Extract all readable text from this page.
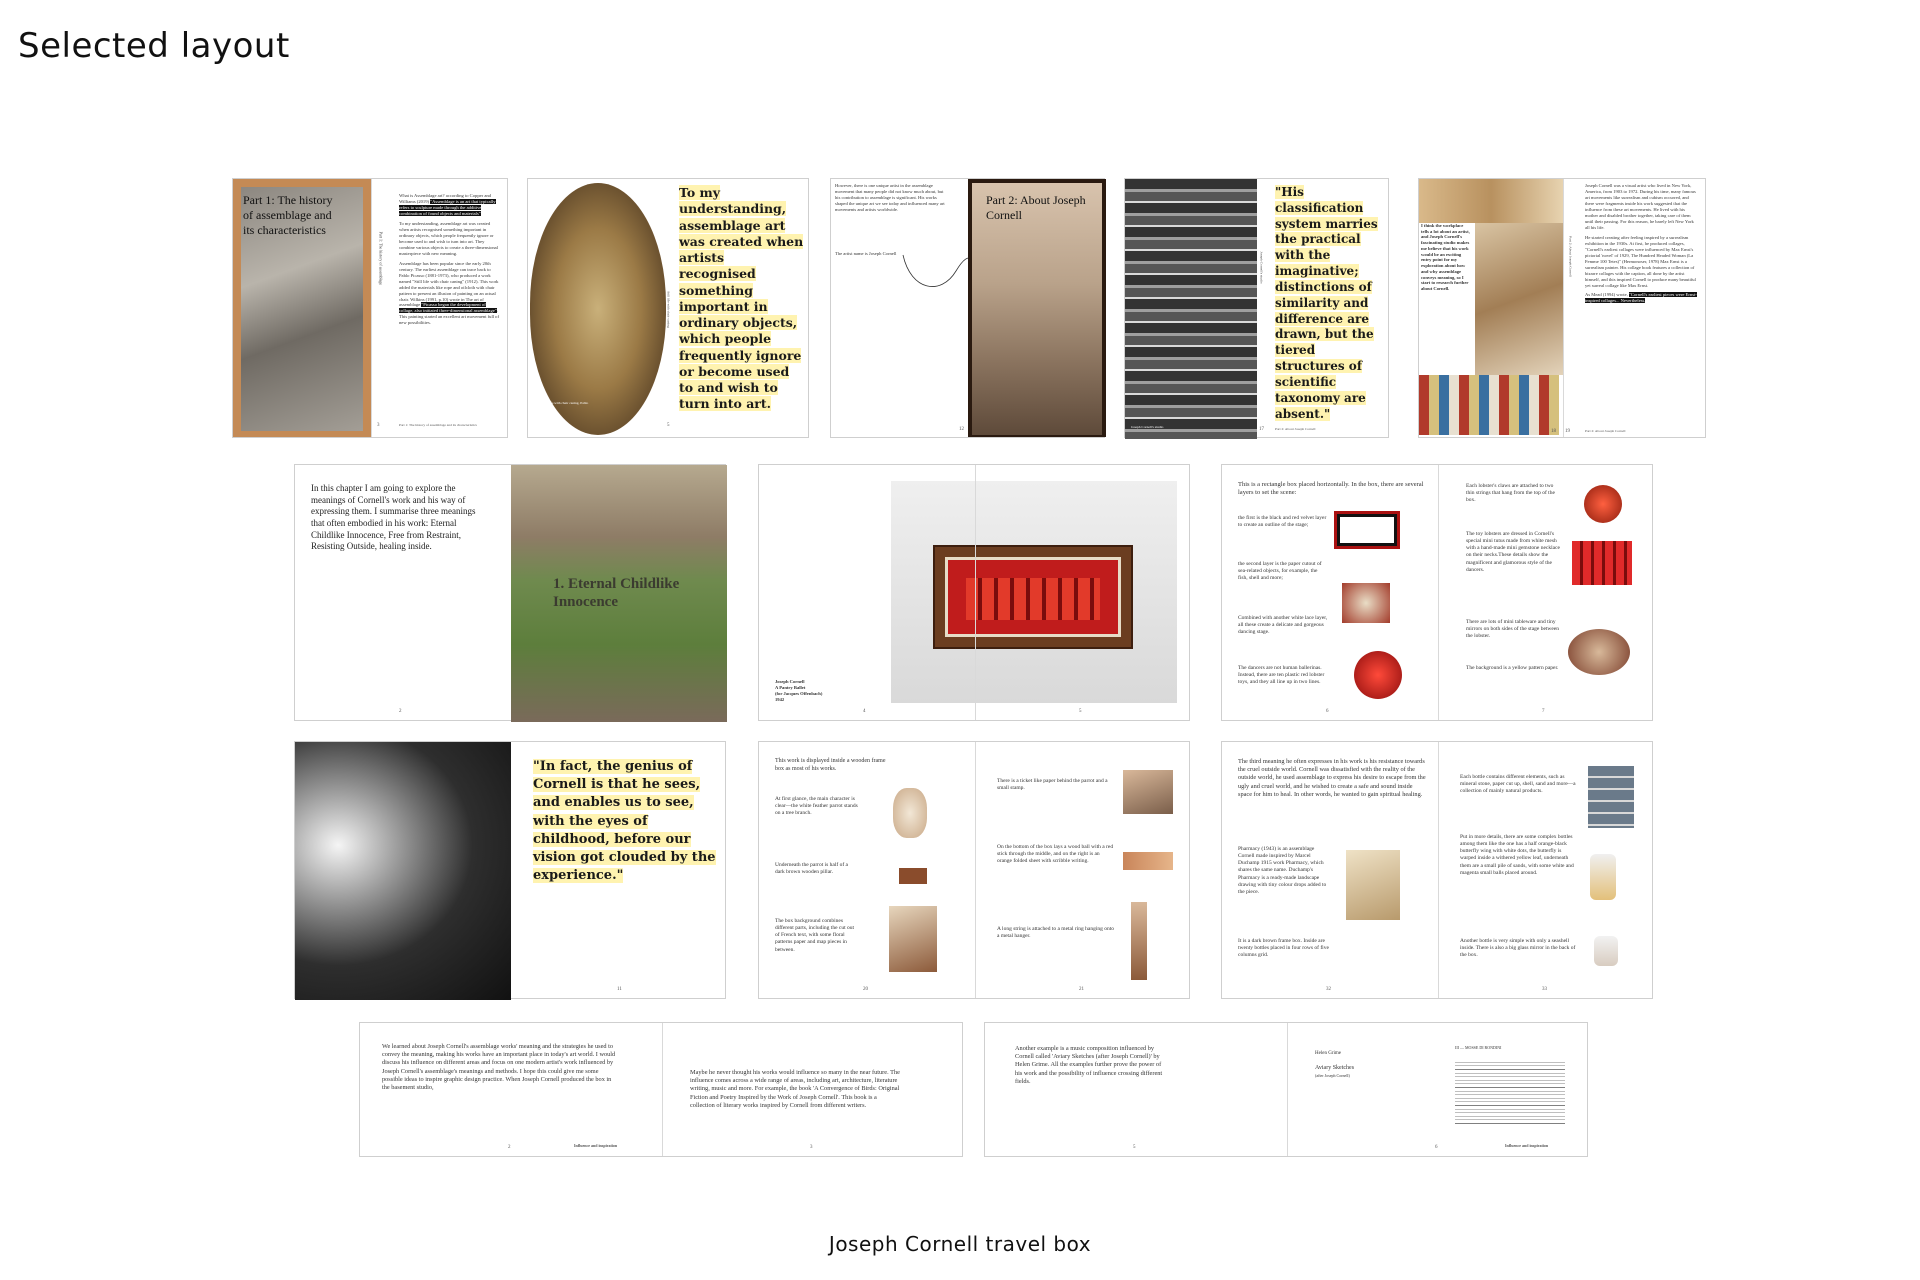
Selected layout
Part 1: The history of assemblage and its characteristics
Part 1: The history of assemblage
What is Assemblage art? according to Copper and Williams (2019) "Assemblage is an art that typically refers to sculpture made through the additive combination of found objects and materials"

To my understanding, assemblage art was created when artists recognised something important in ordinary objects, which people frequently ignore or become used to and wish to turn into art. They combine various objects to create a three-dimensional masterpiece with new meaning.

Assemblage has been popular since the early 20th century. The earliest assemblage can trace back to Pablo Picasso (1881-1973), who produced a work named "Still life with chair caning" (1912). This work added the materials like rope and oilcloth with chair pattern to present an illusion of painting on an actual chair. Wilkins (1991, p.10) wrote in The art of assemblage "Picasso began the development of collage, also initiated three-dimensional assemblage". This painting started an excellent art movement full of new possibilities.

3	Part 1: The history of assemblage and its characteristics
Still life with chair caning, Pablo Picasso
Still life with chair caning
To my understanding, assemblage art was created when artists recognised something important in ordinary objects, which people frequently ignore or become used to and wish to turn into art.
5
However, there is one unique artist in the assemblage movement that many people did not know much about, but his contribution to assemblage is significant. His works shaped the unique art we see today and influenced many art movements and artists worldwide.
The artist name is Joseph Cornell
12
Part 2: About Joseph Cornell
Joseph Cornell's studio
Joseph Cornell's studio
"His classification system marries the practical with the imaginative; distinctions of similarity and difference are drawn, but the tiered structures of scientific taxonomy are absent."
17	Part 2: About Joseph Cornell
I think the workplace tells a lot about an artist, and Joseph Cornell's fascinating studio makes me believe that his work would be an exciting entry point for my exploration about how and why assemblage conveys meaning, so I start to research further about Cornell.
Part 2: About Joseph Cornell

Joseph Cornell was a visual artist who lived in New York, America, from 1903 to 1972. During his time, many famous art movements like surrealism and cubism occurred, and there were fragments inside his work suggested that the influence from these art movements. He lived with his mother and disabled brother together, taking care of them until their passing. For this reason, he barely left New York all his life.

He started creating after feeling inspired by a surrealism exhibition in the 1930s. At first, he produced collages, "Cornell's earliest collages were influenced by Max Ernst's pictorial 'novel' of 1929, The Hundred Headed Woman (La Femme 100 Tetes)" (Hermonoser, 1978) Max Ernst is a surrealism painter. His collage book features a collection of bizarre collages with the caption, all done by the artist himself, and this inspired Cornell to produce many beautiful yet surreal collage like Max Ernst.

As Mead (1994) wrote, "Cornell's earliest pieces were Ernst-inspired collages... Nevertheless,

18 19	Part 2: About Joseph Cornell
In this chapter I am going to explore the meanings of Cornell's work and his way of expressing them. I summarise three meanings that often embodied in his work: Eternal Childlike Innocence, Free from Restraint, Resisting Outside, healing inside.
2
1. Eternal Childlike Innocence
Joseph Cornell
A Pantry Ballet
(for Jacques Offenbach)
1942
4	5
This is a rectangle box placed horizontally. In the box, there are several layers to set the scene:
the first is the black and red velvet layer to create an outline of the stage;
the second layer is the paper cutout of sea-related objects, for example, the fish, shell and more;
Combined with another white lace layer, all these create a delicate and gorgeous dancing stage.
The dancers are not human ballerinas. Instead, there are ten plastic red lobster toys, and they all line up in two lines.
6
Each lobster's claws are attached to two thin strings that hang from the top of the box.
The toy lobsters are dressed in Cornell's special mini tutus made from white mesh with a hand-made mini gemstone necklace on their necks.These details show the magnificent and glamorous style of the dancers.
There are lots of mini tableware and tiny mirrors on both sides of the stage between the lobster.
The background is a yellow pattern paper.
7
"In fact, the genius of Cornell is that he sees, and enables us to see, with the eyes of childhood, before our vision got clouded by the experience."
11
This work is displayed inside a wooden frame box as most of his works.
At first glance, the main character is clear—the white feather parrot stands on a tree branch.
Underneath the parrot is half of a dark brown wooden pillar.
The box background combines different parts, including the cut out of French text, with some floral patterns paper and map pieces in between.
20
There is a ticket like paper behind the parrot and a small stamp.
On the bottom of the box lays a wood ball with a red stick through the middle, and on the right is an orange folded sheet with scribble writing.
A long string is attached to a metal ring hanging onto a metal hanger.
21
The third meaning he often expresses in his work is his resistance towards the cruel outside world. Cornell was dissatisfied with the reality of the outside world, he used assemblage to express his desire to escape from the ugly and cruel world, and he wished to create a safe and sound inside space for him to heal. In other words, he wanted to gain spiritual healing.
Pharmacy (1943) is an assemblage Cornell made inspired by Marcel Duchamp 1915 work Pharmacy, which shares the same name. Duchamp's Pharmacy is a ready-made landscape drawing with tiny colour drops added to the piece.
It is a dark brown frame box. Inside are twenty bottles placed in four rows of five columns grid.
32
Each bottle contains different elements, such as mineral stone, paper cut up, shell, sand and more—a collection of mainly natural products.
Put in more details, there are some complex bottles among them like the one has a half orange-black butterfly wing with white dots, the butterfly is warped inside a withered yellow leaf, underneath them are a small pile of sands, with some white and magenta small balls placed around.
Another bottle is very simple with only a seashell inside. There is also a big glass mirror in the back of the box.
33
We learned about Joseph Cornell's assemblage works' meaning and the strategies he used to convey the meaning, making his works have an important place in today's art world. I would discuss his influence on different areas and focus on one modern artist's work influenced by Joseph Cornell's assemblage's meanings and methods. I hope this could give me some possible ideas to inspire graphic design practice. When Joseph Cornell produced the box in the basement studio,
2
Maybe he never thought his works would influence so many in the near future. The influence comes across a wide range of areas, including art, architecture, literature writing, music and more. For example, the book 'A Convergence of Birds: Original Fiction and Poetry Inspired by the Work of Joseph Cornell'. This book is a collection of literary works inspired by Cornell from different writers.
3
Influence and inspiration
Another example is a music composition influenced by Cornell called 'Aviary Sketches (after Joseph Cornell)' by Helen Grime. All the examples further prove the power of his work and the possibility of influence crossing different fields.
5
Helen Grime
Aviary Sketches
(after Joseph Cornell)
III — MOSSE DI RONDINI
6	Influence and inspiration
Joseph Cornell travel box
